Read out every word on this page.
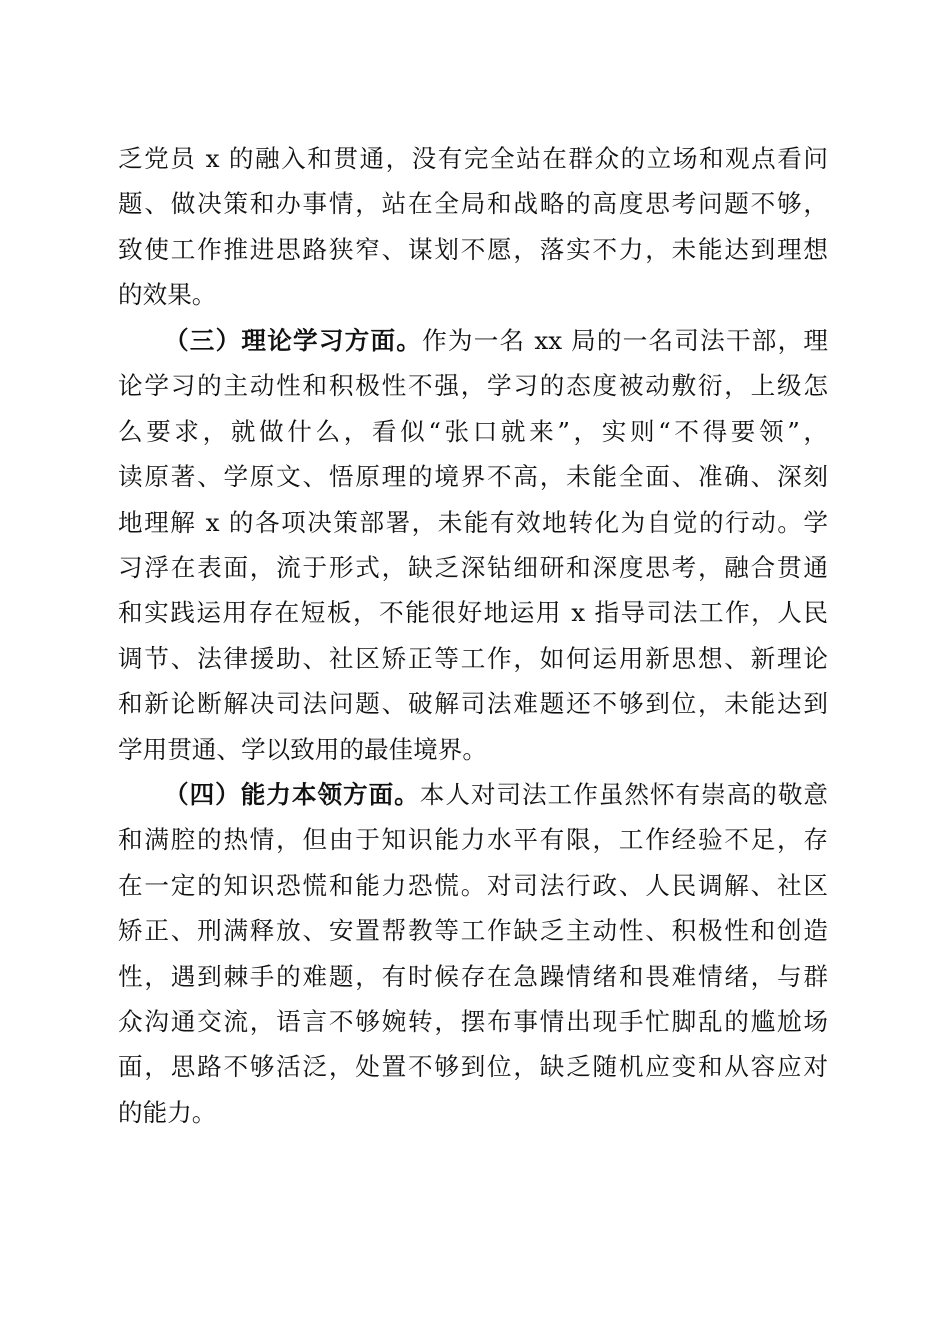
乏党员 x 的融入和贯通，没有完全站在群众的立场和观点看问
题、做决策和办事情，站在全局和战略的高度思考问题不够，
致使工作推进思路狭窄、谋划不愿，落实不力，未能达到理想
的效果。
（三）理论学习方面。作为一名 xx 局的一名司法干部，理
论学习的主动性和积极性不强，学习的态度被动敷衍，上级怎
么要求，就做什么，看似“张口就来”，实则“不得要领”，
读原著、学原文、悟原理的境界不高，未能全面、准确、深刻
地理解 x 的各项决策部署，未能有效地转化为自觉的行动。学
习浮在表面，流于形式，缺乏深钻细研和深度思考，融合贯通
和实践运用存在短板，不能很好地运用 x 指导司法工作，人民
调节、法律援助、社区矫正等工作，如何运用新思想、新理论
和新论断解决司法问题、破解司法难题还不够到位，未能达到
学用贯通、学以致用的最佳境界。
（四）能力本领方面。本人对司法工作虽然怀有崇高的敬意
和满腔的热情，但由于知识能力水平有限，工作经验不足，存
在一定的知识恐慌和能力恐慌。对司法行政、人民调解、社区
矫正、刑满释放、安置帮教等工作缺乏主动性、积极性和创造
性，遇到棘手的难题，有时候存在急躁情绪和畏难情绪，与群
众沟通交流，语言不够婉转，摆布事情出现手忙脚乱的尴尬场
面，思路不够活泛，处置不够到位，缺乏随机应变和从容应对
的能力。
